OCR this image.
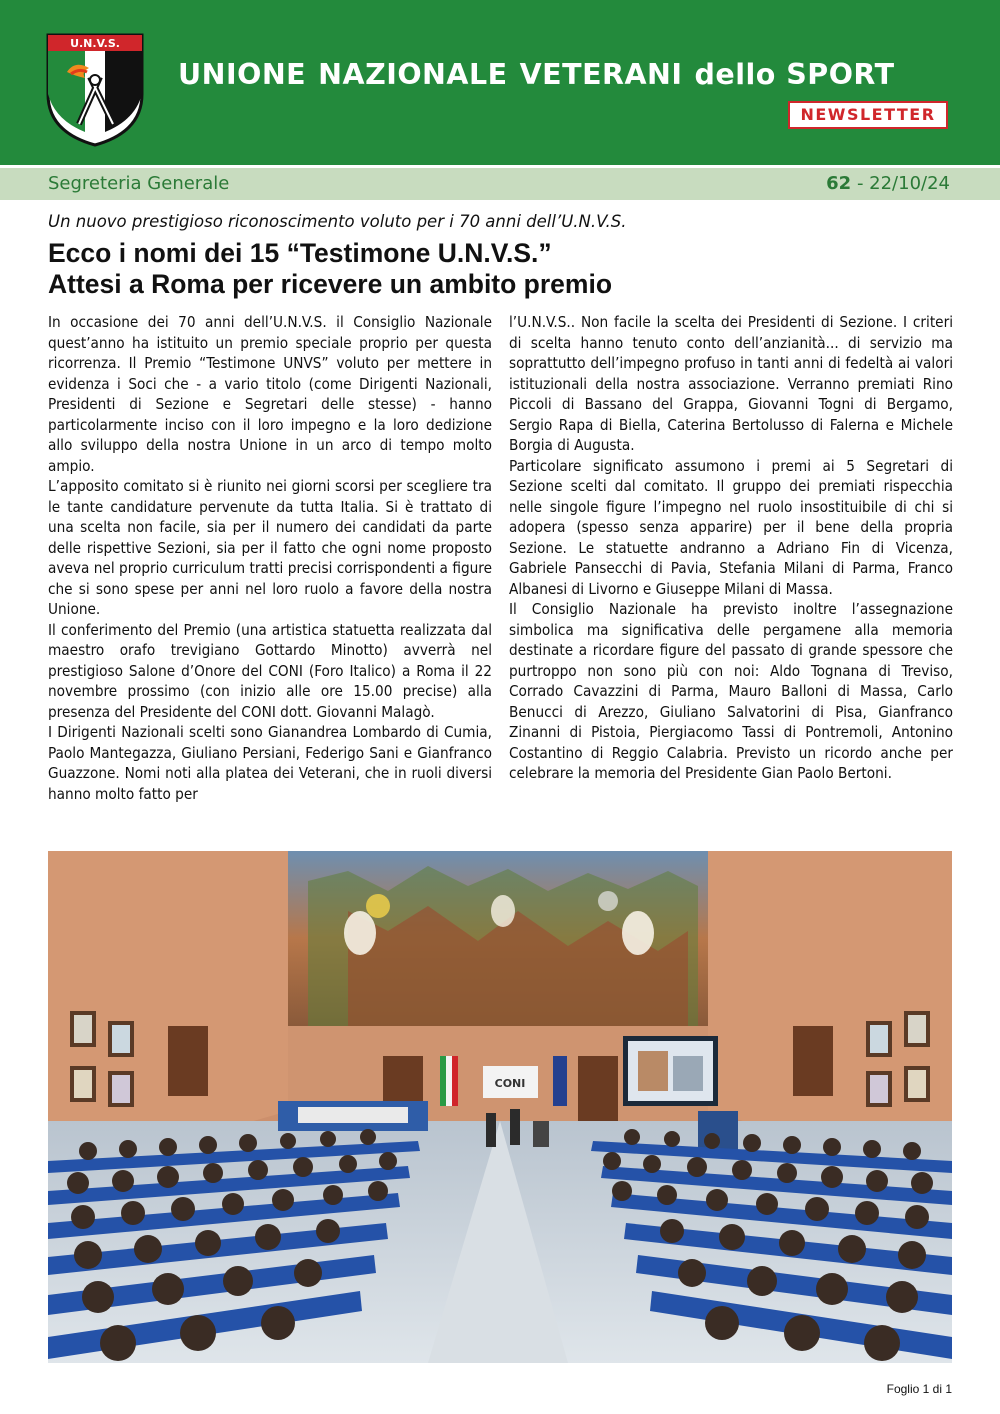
U.N.V.S.
UNIONE NAZIONALE VETERANI dello SPORT
NEWSLETTER
Segreteria Generale	62 - 22/10/24
Un nuovo prestigioso riconoscimento voluto per i 70 anni dell’U.N.V.S.
Ecco i nomi dei 15 “Testimone U.N.V.S.”
Attesi a Roma per ricevere un ambito premio

In occasione dei 70 anni dell’U.N.V.S. il Consiglio Nazionale quest’anno ha istituito un premio speciale proprio per questa ricorrenza. Il Premio “Testimone UNVS” voluto per mettere in evidenza i Soci che - a vario titolo (come Dirigenti Nazionali, Presidenti di Sezione e Segretari delle stesse) - hanno particolarmente inciso con il loro impegno e la loro dedizione allo sviluppo della nostra Unione in un arco di tempo molto ampio.

L’apposito comitato si è riunito nei giorni scorsi per scegliere tra le tante candidature pervenute da tutta Italia. Si è trattato di una scelta non facile, sia per il numero dei candidati da parte delle rispettive Sezioni, sia per il fatto che ogni nome proposto aveva nel proprio curriculum tratti precisi corrispondenti a figure che si sono spese per anni nel loro ruolo a favore della nostra Unione.

Il conferimento del Premio (una artistica statuetta realizzata dal maestro orafo trevigiano Gottardo Minotto) avverrà nel prestigioso Salone d’Onore del CONI (Foro Italico) a Roma il 22 novembre prossimo (con inizio alle ore 15.00 precise) alla presenza del Presidente del CONI dott. Giovanni Malagò.

I Dirigenti Nazionali scelti sono Gianandrea Lombardo di Cumia, Paolo Mantegazza, Giuliano Persiani, Federigo Sani e Gianfranco Guazzone. Nomi noti alla platea dei Veterani, che in ruoli diversi hanno molto fatto per

l’U.N.V.S.. Non facile la scelta dei Presidenti di Sezione. I criteri di scelta hanno tenuto conto dell’anzianità... di servizio ma soprattutto dell’impegno profuso in tanti anni di fedeltà ai valori istituzionali della nostra associazione. Verranno premiati Rino Piccoli di Bassano del Grappa, Giovanni Togni di Bergamo, Sergio Rapa di Biella, Caterina Bertolusso di Falerna e Michele Borgia di Augusta.

Particolare significato assumono i premi ai 5 Segretari di Sezione scelti dal comitato. Il gruppo dei premiati rispecchia nelle singole figure l’impegno nel ruolo insostituibile di chi si adopera (spesso senza apparire) per il bene della propria Sezione. Le statuette andranno a Adriano Fin di Vicenza, Gabriele Pansecchi di Pavia, Stefania Milani di Parma, Franco Albanesi di Livorno e Giuseppe Milani di Massa.

Il Consiglio Nazionale ha previsto inoltre l’assegnazione simbolica ma significativa delle pergamene alla memoria destinate a ricordare figure del passato di grande spessore che purtroppo non sono più con noi: Aldo Tognana di Treviso, Corrado Cavazzini di Parma, Mauro Balloni di Massa, Carlo Benucci di Arezzo, Giuliano Salvatorini di Pisa, Gianfranco Zinanni di Pistoia, Piergiacomo Tassi di Pontremoli, Antonino Costantino di Reggio Calabria. Previsto un ricordo anche per celebrare la memoria del Presidente Gian Paolo Bertoni.

CONI
Foglio 1 di 1
